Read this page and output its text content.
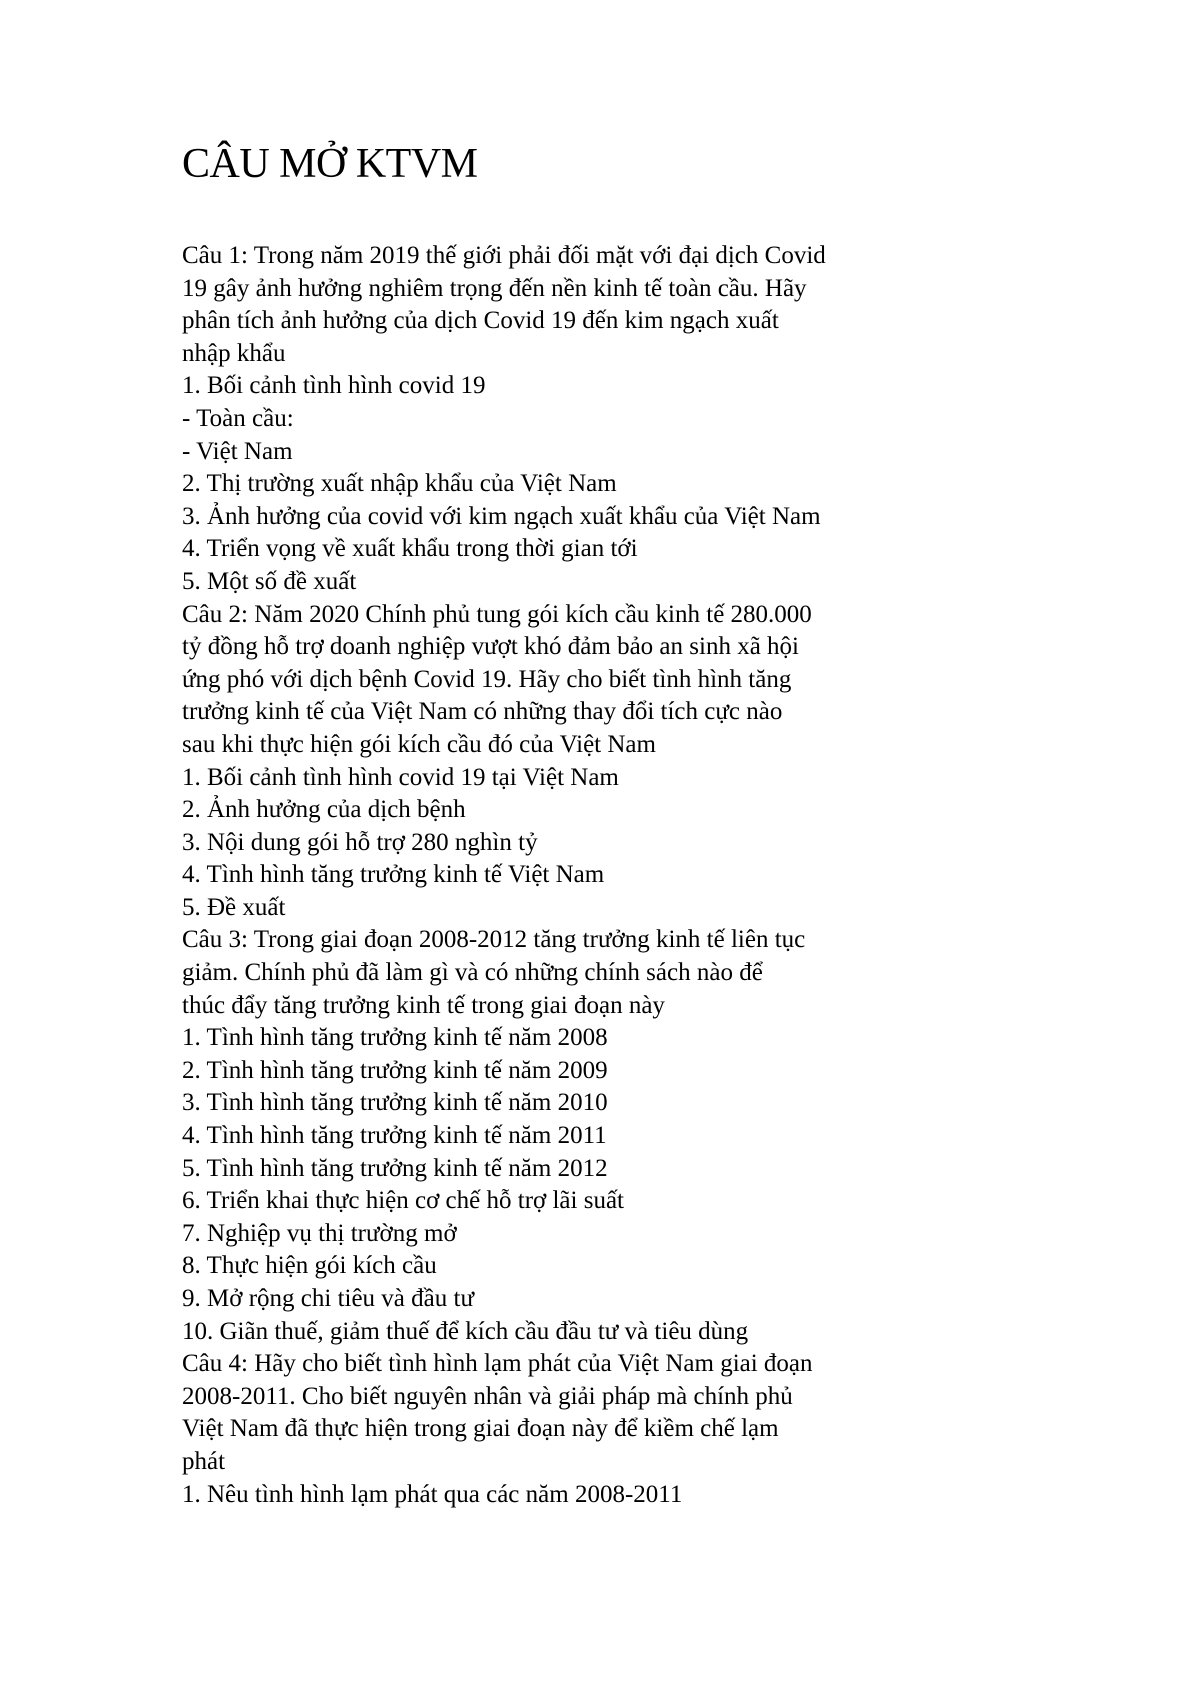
CÂU MỞ KTVM

Câu 1: Trong năm 2019 thế giới phải đối mặt với đại dịch Covid

19 gây ảnh hưởng nghiêm trọng đến nền kinh tế toàn cầu. Hãy

phân tích ảnh hưởng của dịch Covid 19 đến kim ngạch xuất

nhập khẩu

1. Bối cảnh tình hình covid 19

- Toàn cầu:

- Việt Nam

2. Thị trường xuất nhập khẩu của Việt Nam

3. Ảnh hưởng của covid với kim ngạch xuất khẩu của Việt Nam

4. Triển vọng về xuất khẩu trong thời gian tới

5. Một số đề xuất

Câu 2: Năm 2020 Chính phủ tung gói kích cầu kinh tế 280.000

tỷ đồng hỗ trợ doanh nghiệp vượt khó đảm bảo an sinh xã hội

ứng phó với dịch bệnh Covid 19. Hãy cho biết tình hình tăng

trưởng kinh tế của Việt Nam có những thay đổi tích cực nào

sau khi thực hiện gói kích cầu đó của Việt Nam

1. Bối cảnh tình hình covid 19 tại Việt Nam

2. Ảnh hưởng của dịch bệnh

3. Nội dung gói hỗ trợ 280 nghìn tỷ

4. Tình hình tăng trưởng kinh tế Việt Nam

5. Đề xuất

Câu 3: Trong giai đoạn 2008-2012 tăng trưởng kinh tế liên tục

giảm. Chính phủ đã làm gì và có những chính sách nào để

thúc đẩy tăng trưởng kinh tế trong giai đoạn này

1. Tình hình tăng trưởng kinh tế năm 2008

2. Tình hình tăng trưởng kinh tế năm 2009

3. Tình hình tăng trưởng kinh tế năm 2010

4. Tình hình tăng trưởng kinh tế năm 2011

5. Tình hình tăng trưởng kinh tế năm 2012

6. Triển khai thực hiện cơ chế hỗ trợ lãi suất

7. Nghiệp vụ thị trường mở

8. Thực hiện gói kích cầu

9. Mở rộng chi tiêu và đầu tư

10. Giãn thuế, giảm thuế để kích cầu đầu tư và tiêu dùng

Câu 4: Hãy cho biết tình hình lạm phát của Việt Nam giai đoạn

2008-2011. Cho biết nguyên nhân và giải pháp mà chính phủ

Việt Nam đã thực hiện trong giai đoạn này để kiềm chế lạm

phát

1. Nêu tình hình lạm phát qua các năm 2008-2011
